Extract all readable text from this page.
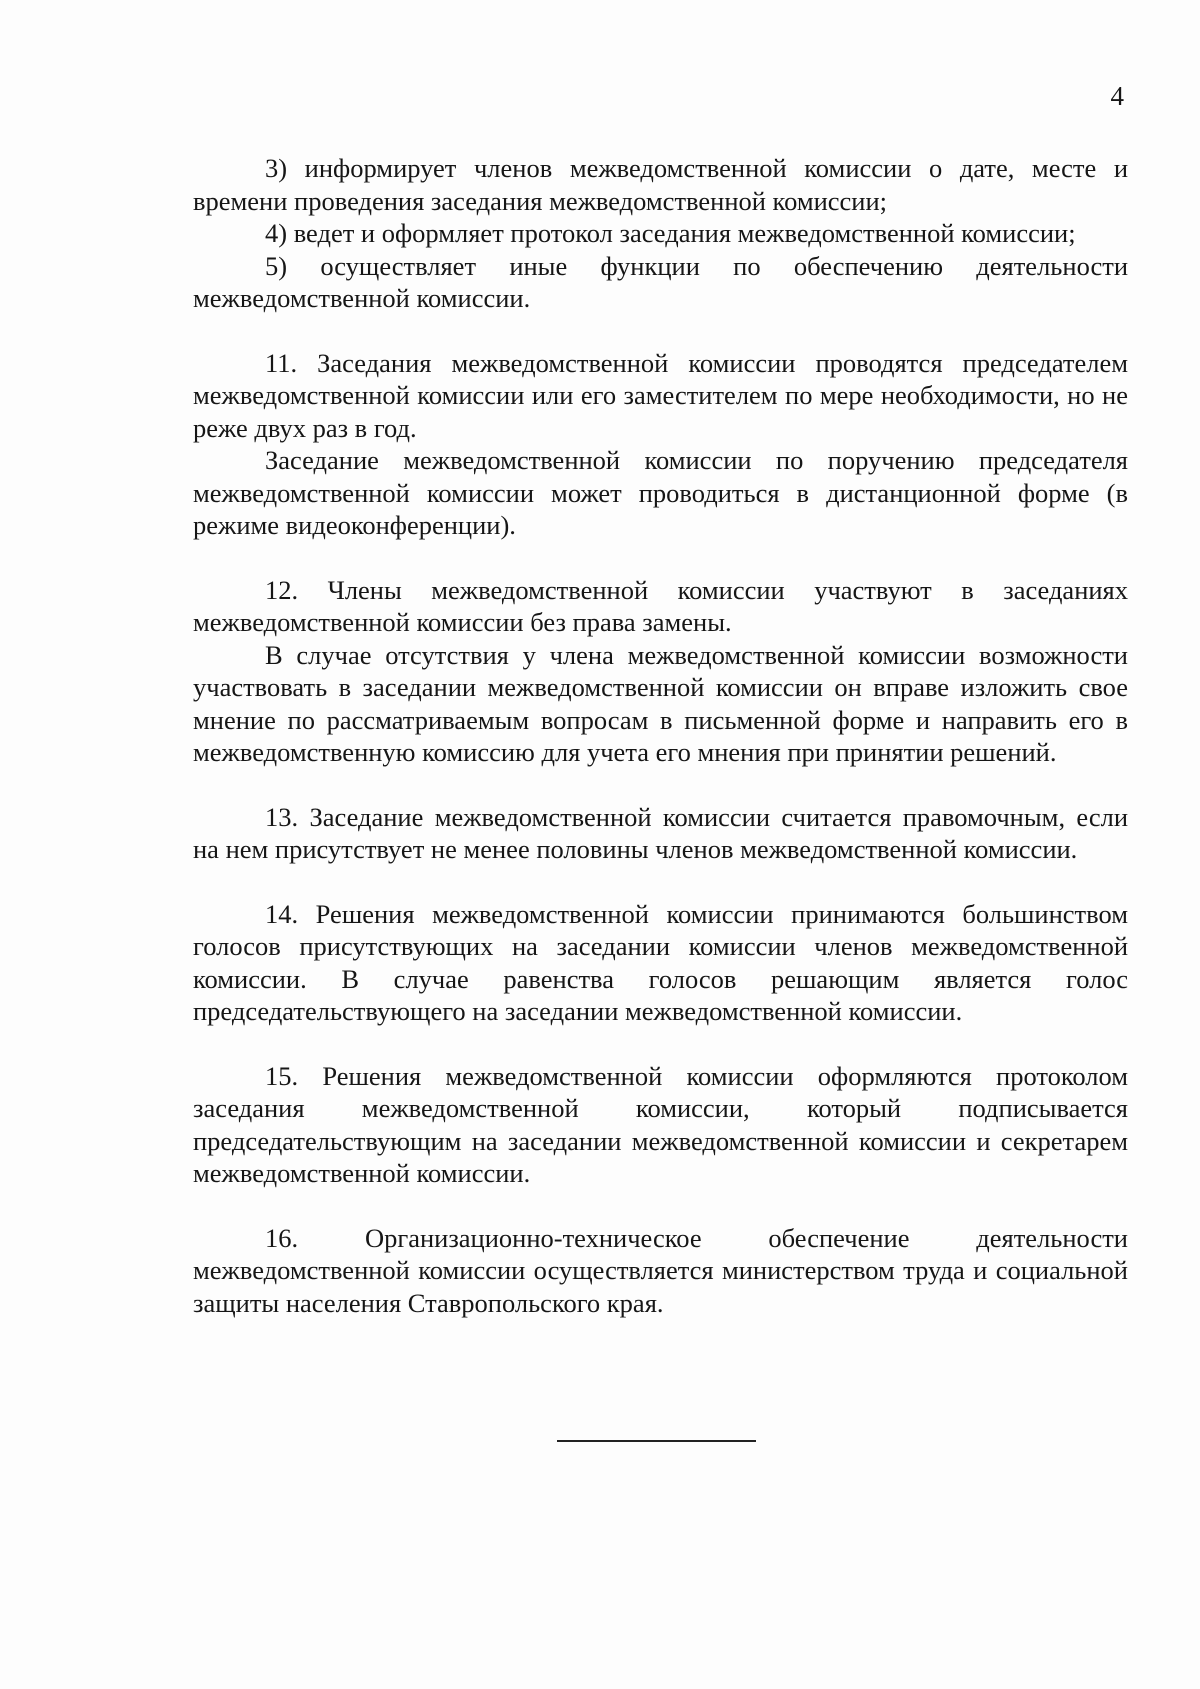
4

3) информирует членов межведомственной комиссии о дате, месте и времени проведения заседания межведомственной комиссии;

4) ведет и оформляет протокол заседания межведомственной комиссии;

5) осуществляет иные функции по обеспечению деятельности межведомственной комиссии.

11. Заседания межведомственной комиссии проводятся председателем межведомственной комиссии или его заместителем по мере необходимости, но не реже двух раз в год.

Заседание межведомственной комиссии по поручению председателя межведомственной комиссии может проводиться в дистанционной форме (в режиме видеоконференции).

12. Члены межведомственной комиссии участвуют в заседаниях межведомственной комиссии без права замены.

В случае отсутствия у члена межведомственной комиссии возможности участвовать в заседании межведомственной комиссии он вправе изложить свое мнение по рассматриваемым вопросам в письменной форме и направить его в межведомственную комиссию для учета его мнения при принятии решений.

13. Заседание межведомственной комиссии считается правомочным, если на нем присутствует не менее половины членов межведомственной комиссии.

14. Решения межведомственной комиссии принимаются большинством голосов присутствующих на заседании комиссии членов межведомственной комиссии. В случае равенства голосов решающим является голос председательствующего на заседании межведомственной комиссии.

15. Решения межведомственной комиссии оформляются протоколом заседания межведомственной комиссии, который подписывается председательствующим на заседании межведомственной комиссии и секретарем межведомственной комиссии.

16. Организационно-техническое обеспечение деятельности межведомственной комиссии осуществляется министерством труда и социальной защиты населения Ставропольского края.
